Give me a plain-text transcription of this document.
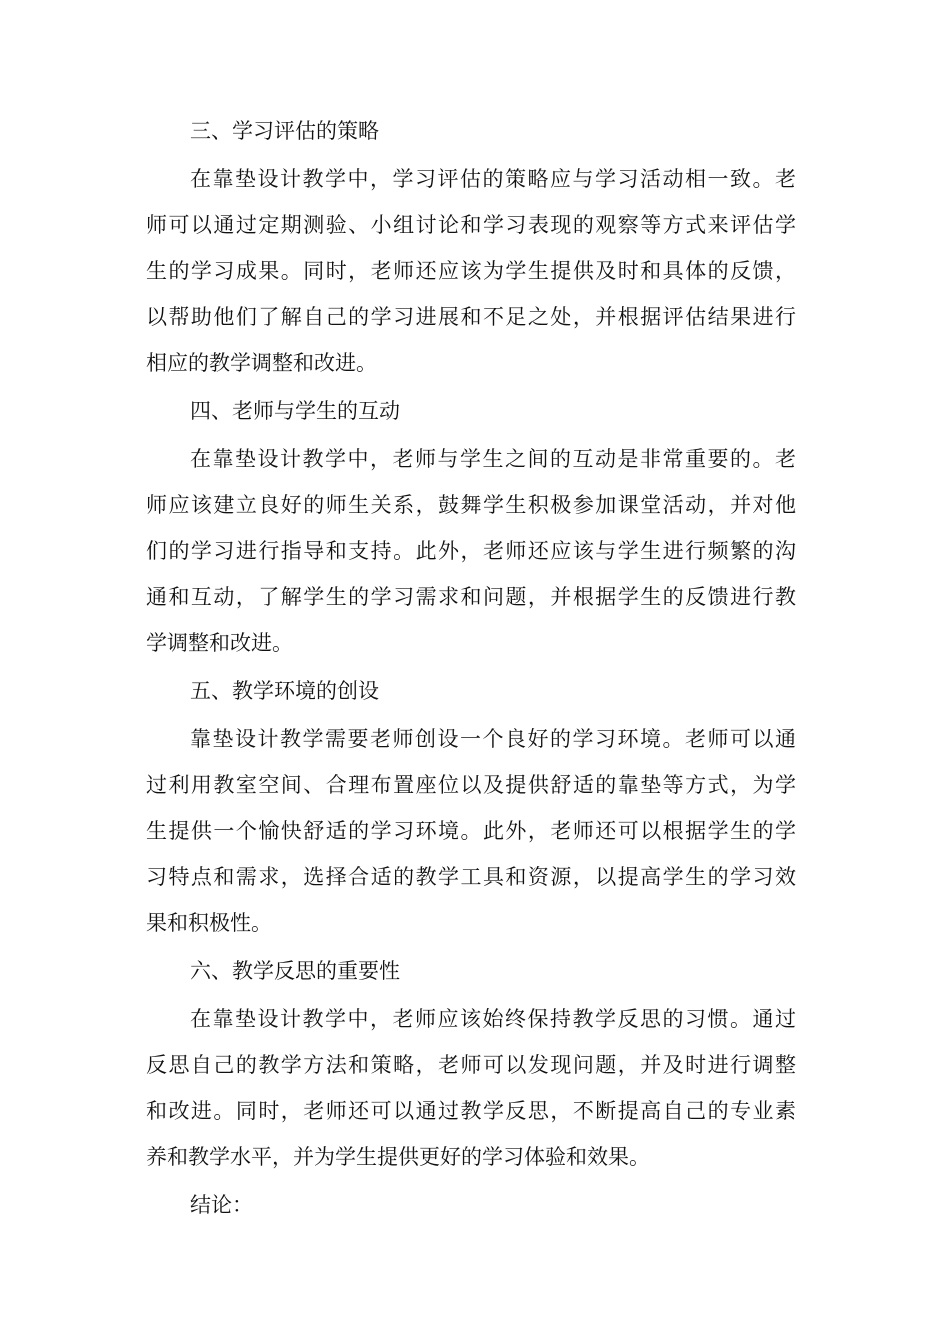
三、学习评估的策略
在靠垫设计教学中，学习评估的策略应与学习活动相一致。老
师可以通过定期测验、小组讨论和学习表现的观察等方式来评估学
生的学习成果。同时，老师还应该为学生提供及时和具体的反馈，
以帮助他们了解自己的学习进展和不足之处，并根据评估结果进行
相应的教学调整和改进。
四、老师与学生的互动
在靠垫设计教学中，老师与学生之间的互动是非常重要的。老
师应该建立良好的师生关系，鼓舞学生积极参加课堂活动，并对他
们的学习进行指导和支持。此外，老师还应该与学生进行频繁的沟
通和互动，了解学生的学习需求和问题，并根据学生的反馈进行教
学调整和改进。
五、教学环境的创设
靠垫设计教学需要老师创设一个良好的学习环境。老师可以通
过利用教室空间、合理布置座位以及提供舒适的靠垫等方式，为学
生提供一个愉快舒适的学习环境。此外，老师还可以根据学生的学
习特点和需求，选择合适的教学工具和资源，以提高学生的学习效
果和积极性。
六、教学反思的重要性
在靠垫设计教学中，老师应该始终保持教学反思的习惯。通过
反思自己的教学方法和策略，老师可以发现问题，并及时进行调整
和改进。同时，老师还可以通过教学反思，不断提高自己的专业素
养和教学水平，并为学生提供更好的学习体验和效果。
结论：
